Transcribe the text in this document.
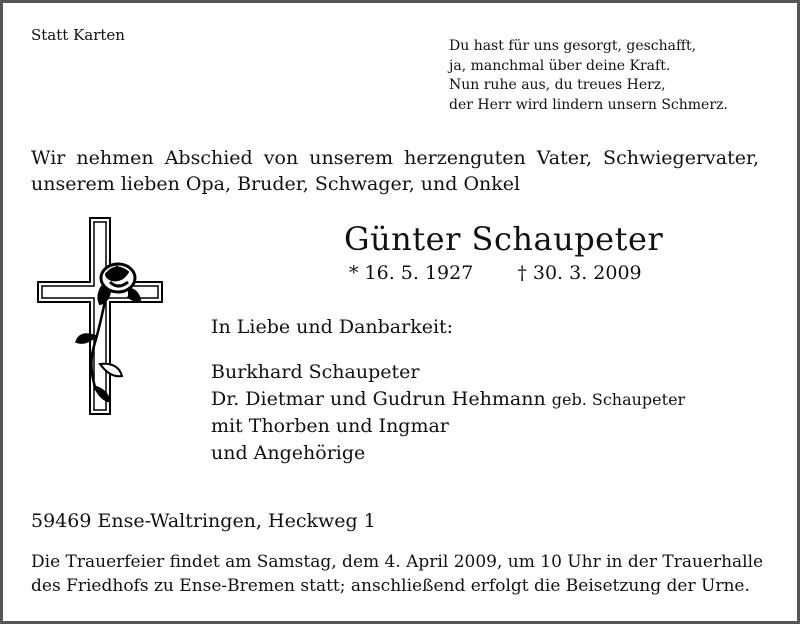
Statt Karten
Du hast für uns gesorgt, geschafft,
ja, manchmal über deine Kraft.
Nun ruhe aus, du treues Herz,
der Herr wird lindern unsern Schmerz.
Wir nehmen Abschied von unserem herzenguten Vater, Schwiegervater,
unserem lieben Opa, Bruder, Schwager, und Onkel
Günter Schaupeter
* 16. 5. 1927 † 30. 3. 2009
In Liebe und Danbarkeit:
Burkhard Schaupeter
Dr. Dietmar und Gudrun Hehmann geb. Schaupeter
mit Thorben und Ingmar
und Angehörige
59469 Ense-Waltringen, Heckweg 1
Die Trauerfeier findet am Samstag, dem 4. April 2009, um 10 Uhr in der Trauerhalle
des Friedhofs zu Ense-Bremen statt; anschließend erfolgt die Beisetzung der Urne.
